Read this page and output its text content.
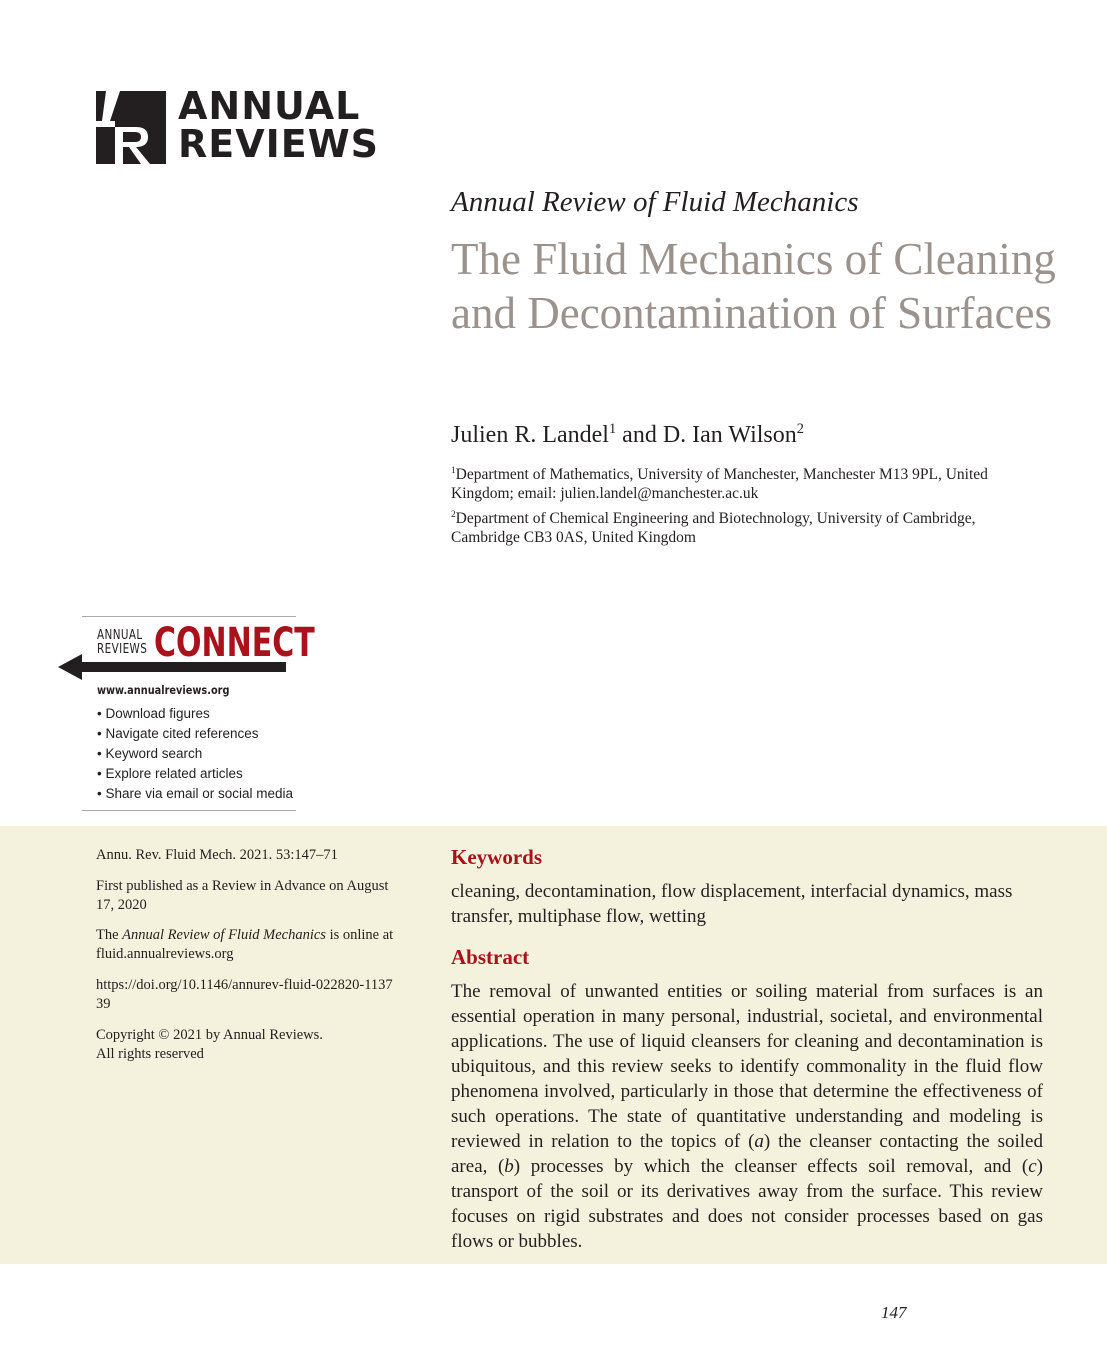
ANNUAL
REVIEWS
Annual Review of Fluid Mechanics
The Fluid Mechanics of Cleaning and Decontamination of Surfaces
Julien R. Landel$^1$ and D. Ian Wilson$^2$
$^1$Department of Mathematics, University of Manchester, Manchester M13 9PL, United Kingdom; email: julien.landel@manchester.ac.uk
$^2$Department of Chemical Engineering and Biotechnology, University of Cambridge, Cambridge CB3 0AS, United Kingdom
ANNUAL
REVIEWS CONNECT
www.annualreviews.org
• Download figures
• Navigate cited references
• Keyword search
• Explore related articles
• Share via email or social media
Annu. Rev. Fluid Mech. 2021. 53:147–71
First published as a Review in Advance on August 17, 2020
The Annual Review of Fluid Mechanics is online at fluid.annualreviews.org
https://doi.org/10.1146/annurev-fluid-022820-113739
Copyright © 2021 by Annual Reviews.
All rights reserved
Keywords
cleaning, decontamination, flow displacement, interfacial dynamics, mass transfer, multiphase flow, wetting
Abstract
The removal of unwanted entities or soiling material from surfaces is an essential operation in many personal, industrial, societal, and environmental applications. The use of liquid cleansers for cleaning and decontamination is ubiquitous, and this review seeks to identify commonality in the fluid flow phenomena involved, particularly in those that determine the effectiveness of such operations. The state of quantitative understanding and modeling is reviewed in relation to the topics of (a) the cleanser contacting the soiled area, (b) processes by which the cleanser effects soil removal, and (c) transport of the soil or its derivatives away from the surface. This review focuses on rigid substrates and does not consider processes based on gas flows or bubbles.
147
